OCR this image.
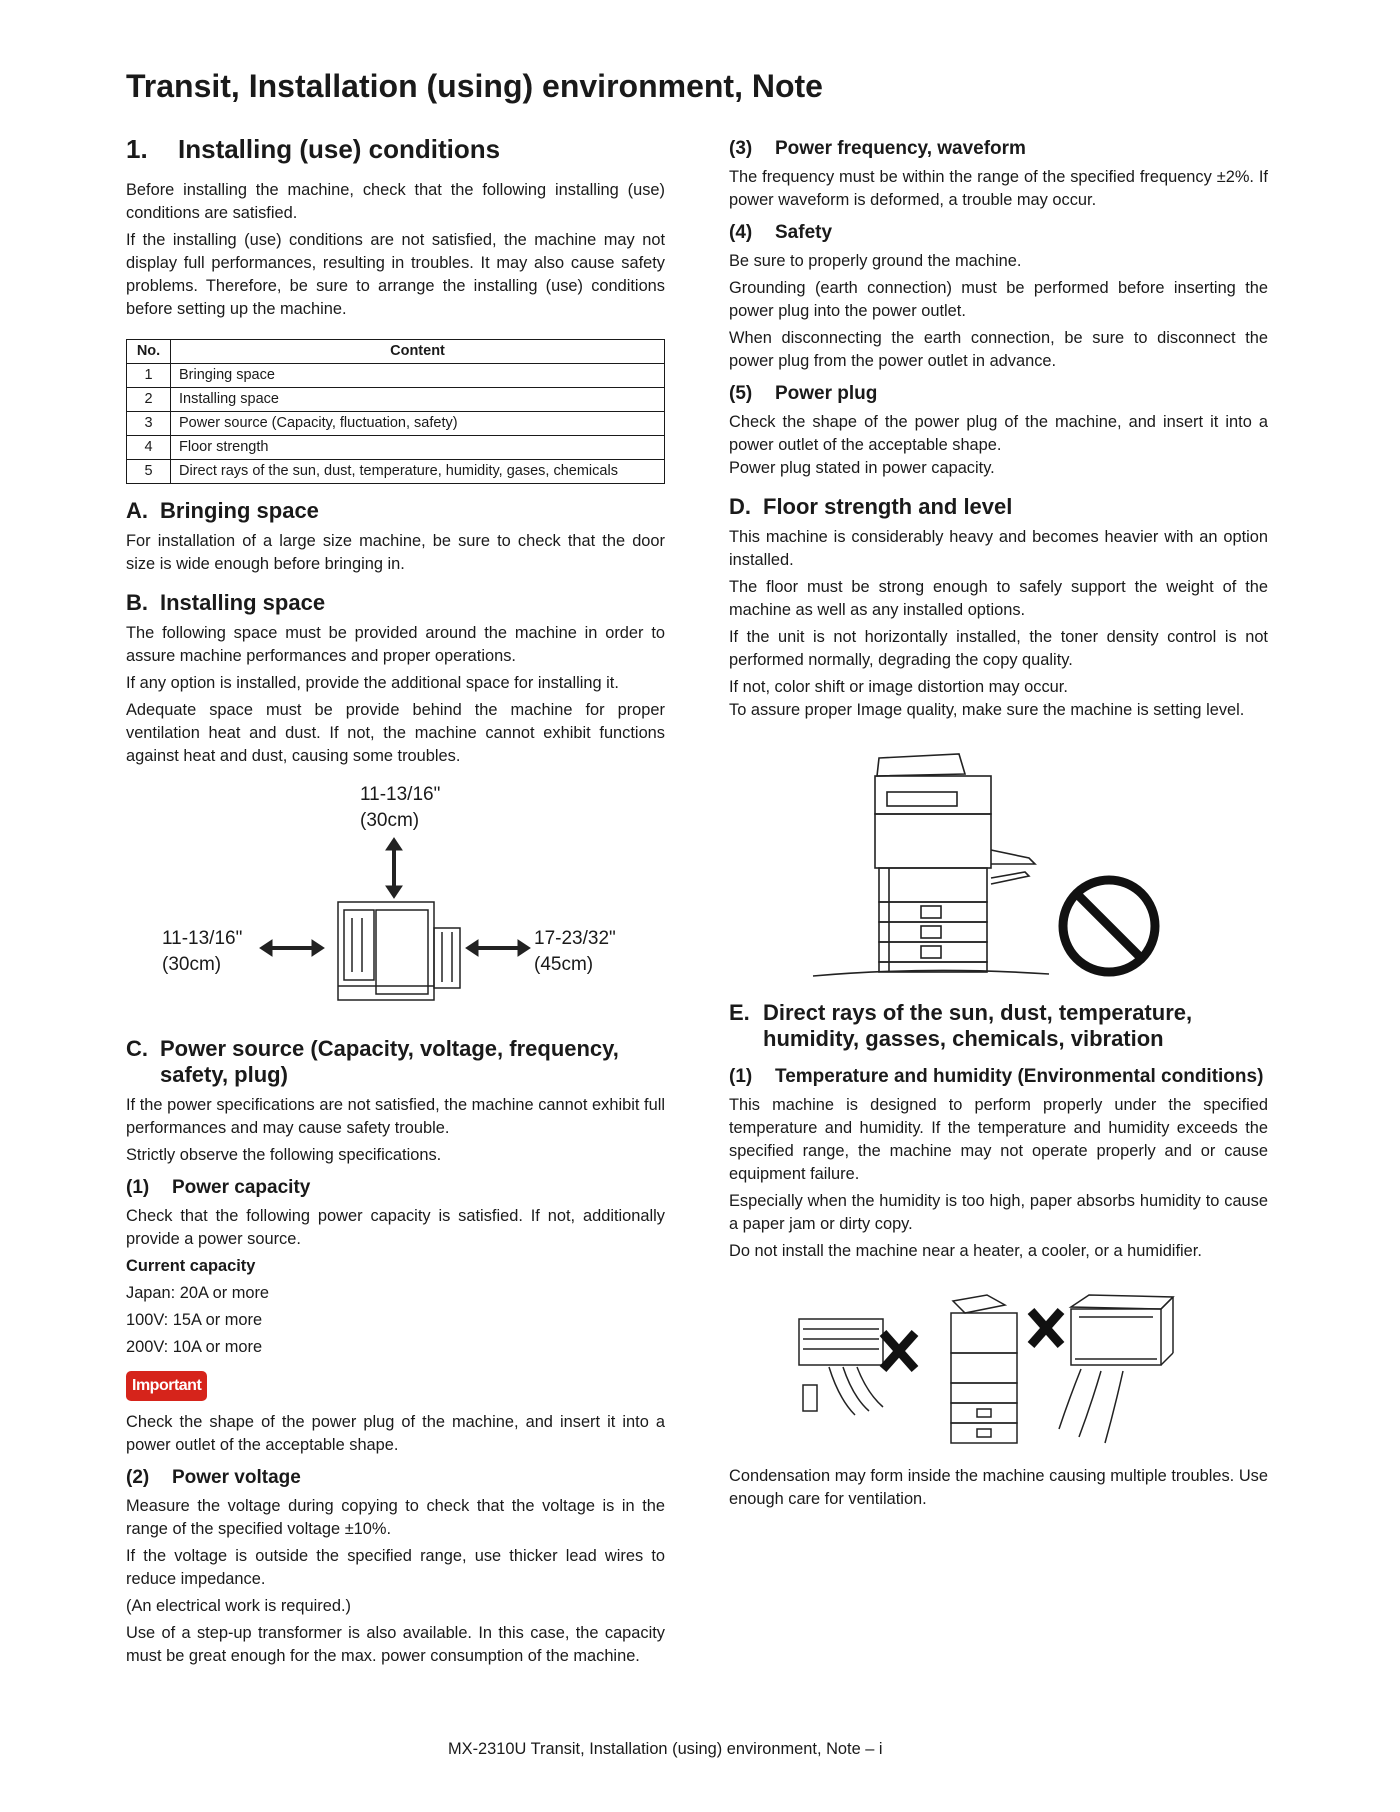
Transit, Installation (using) environment, Note
1. Installing (use) conditions

Before installing the machine, check that the following installing (use) conditions are satisfied.

If the installing (use) conditions are not satisfied, the machine may not display full performances, resulting in troubles. It may also cause safety problems. Therefore, be sure to arrange the installing (use) conditions before setting up the machine.

No.	Content
1	Bringing space
2	Installing space
3	Power source (Capacity, fluctuation, safety)
4	Floor strength
5	Direct rays of the sun, dust, temperature, humidity, gases, chemicals
A. Bringing space

For installation of a large size machine, be sure to check that the door size is wide enough before bringing in.

B. Installing space

The following space must be provided around the machine in order to assure machine performances and proper operations.

If any option is installed, provide the additional space for installing it.

Adequate space must be provide behind the machine for proper ventilation heat and dust. If not, the machine cannot exhibit functions against heat and dust, causing some troubles.

11-13/16"
(30cm)
11-13/16"
(30cm)
17-23/32"
(45cm)
C. Power source (Capacity, voltage, frequency, safety, plug)

If the power specifications are not satisfied, the machine cannot exhibit full performances and may cause safety trouble.

Strictly observe the following specifications.

(1)	Power capacity

Check that the following power capacity is satisfied. If not, additionally provide a power source.

Current capacity

Japan: 20A or more

100V: 15A or more

200V: 10A or more

Important

Check the shape of the power plug of the machine, and insert it into a power outlet of the acceptable shape.

(2)	Power voltage

Measure the voltage during copying to check that the voltage is in the range of the specified voltage ±10%.

If the voltage is outside the specified range, use thicker lead wires to reduce impedance.

(An electrical work is required.)

Use of a step-up transformer is also available. In this case, the capacity must be great enough for the max. power consumption of the machine.

(3)	Power frequency, waveform

The frequency must be within the range of the specified frequency ±2%. If power waveform is deformed, a trouble may occur.

(4)	Safety

Be sure to properly ground the machine.

Grounding (earth connection) must be performed before inserting the power plug into the power outlet.

When disconnecting the earth connection, be sure to disconnect the power plug from the power outlet in advance.

(5)	Power plug

Check the shape of the power plug of the machine, and insert it into a power outlet of the acceptable shape.

Power plug stated in power capacity.

D. Floor strength and level

This machine is considerably heavy and becomes heavier with an option installed.

The floor must be strong enough to safely support the weight of the machine as well as any installed options.

If the unit is not horizontally installed, the toner density control is not performed normally, degrading the copy quality.

If not, color shift or image distortion may occur.

To assure proper Image quality, make sure the machine is setting level.

E. Direct rays of the sun, dust, temperature, humidity, gasses, chemicals, vibration
(1)	Temperature and humidity (Environmental conditions)

This machine is designed to perform properly under the specified temperature and humidity. If the temperature and humidity exceeds the specified range, the machine may not operate properly and or cause equipment failure.

Especially when the humidity is too high, paper absorbs humidity to cause a paper jam or dirty copy.

Do not install the machine near a heater, a cooler, or a humidifier.

Condensation may form inside the machine causing multiple troubles. Use enough care for ventilation.

MX-2310U Transit, Installation (using) environment, Note – i
